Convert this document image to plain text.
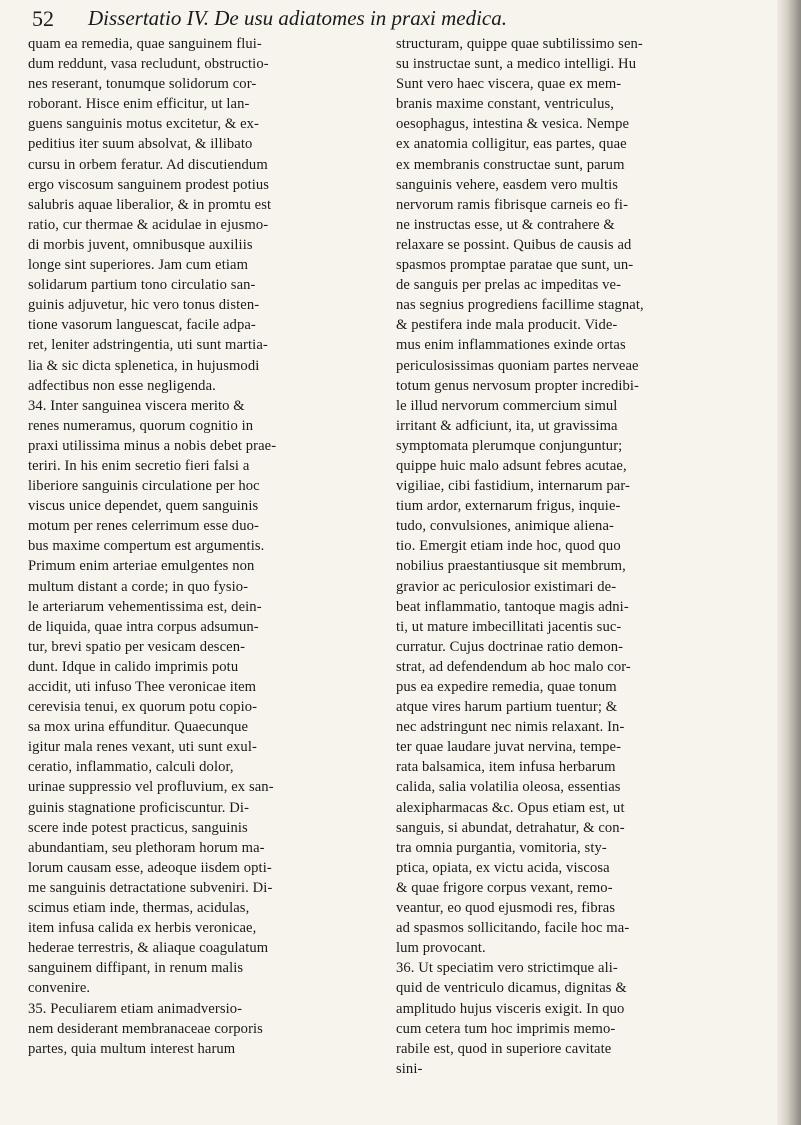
52 Dissertatio IV. De usu adiatomes in praxi medica.
quam ea remedia, quae sanguinem flui-
dum reddunt, vasa recludunt, obstructio-
nes reserant, tonumque solidorum cor-
roborant. Hisce enim efficitur, ut lan-
guens sanguinis motus excitetur, & ex-
peditius iter suum absolvat, & illibato
cursu in orbem feratur. Ad discutiendum
ergo viscosum sanguinem prodest potius
salubris aquae liberalior, & in promtu est
ratio, cur thermae & acidulae in ejusmo-
di morbis juvent, omnibusque auxiliis
longe sint superiores. Jam cum etiam
solidarum partium tono circulatio san-
guinis adjuvetur, hic vero tonus disten-
tione vasorum languescat, facile adpa-
ret, leniter adstringentia, uti sunt martia-
lia & sic dicta splenetica, in hujusmodi
adfectibus non esse negligenda.
34. Inter sanguinea viscera merito &
renes numeramus, quorum cognitio in
praxi utilissima minus a nobis debet prae-
teriri. In his enim secretio fieri falsi a
liberiore sanguinis circulatione per hoc
viscus unice dependet, quem sanguinis
motum per renes celerrimum esse duo-
bus maxime compertum est argumentis.
Primum enim arteriae emulgentes non
multum distant a corde; in quo fysio-
le arteriarum vehementissima est, dein-
de liquida, quae intra corpus adsumun-
tur, brevi spatio per vesicam descen-
dunt. Idque in calido imprimis potu
accidit, uti infuso Thee veronicae item
cerevisia tenui, ex quorum potu copio-
sa mox urina effunditur. Quaecunque
igitur mala renes vexant, uti sunt exul-
ceratio, inflammatio, calculi dolor,
urinae suppressio vel profluvium, ex san-
guinis stagnatione proficiscuntur. Di-
scere inde potest practicus, sanguinis
abundantiam, seu plethoram horum ma-
lorum causam esse, adeoque iisdem opti-
me sanguinis detractatione subveniri. Di-
scimus etiam inde, thermas, acidulas,
item infusa calida ex herbis veronicae,
hederae terrestris, & aliaque coagulatum
sanguinem diffipant, in renum malis
convenire.
35. Peculiarem etiam animadversio-
nem desiderant membranaceae corporis
partes, quia multum interest harum
structuram, quippe quae subtilissimo sen-
su instructae sunt, a medico intelligi. Hu
Sunt vero haec viscera, quae ex mem-
branis maxime constant, ventriculus,
oesophagus, intestina & vesica. Nempe
ex anatomia colligitur, eas partes, quae
ex membranis constructae sunt, parum
sanguinis vehere, easdem vero multis
nervorum ramis fibrisque carneis eo fi-
ne instructas esse, ut & contrahere &
relaxare se possint. Quibus de causis ad
spasmos promptae paratae que sunt, un-
de sanguis per prelas ac impeditas ve-
nas segnius progrediens facillime stagnat,
& pestifera inde mala producit. Vide-
mus enim inflammationes exinde ortas
periculosissimas quoniam partes nerveae
totum genus nervosum propter incredibi-
le illud nervorum commercium simul
irritant & adficiunt, ita, ut gravissima
symptomata plerumque conjunguntur;
quippe huic malo adsunt febres acutae,
vigiliae, cibi fastidium, internarum par-
tium ardor, externarum frigus, inquie-
tudo, convulsiones, animique aliena-
tio. Emergit etiam inde hoc, quod quo
nobilius praestantiusque sit membrum,
gravior ac periculosior existimari de-
beat inflammatio, tantoque magis adni-
ti, ut mature imbecillitati jacentis suc-
curratur. Cujus doctrinae ratio demon-
strat, ad defendendum ab hoc malo cor-
pus ea expedire remedia, quae tonum
atque vires harum partium tuentur; &
nec adstringunt nec nimis relaxant. In-
ter quae laudare juvat nervina, tempe-
rata balsamica, item infusa herbarum
calida, salia volatilia oleosa, essentias
alexipharmacas &c. Opus etiam est, ut
sanguis, si abundat, detrahatur, & con-
tra omnia purgantia, vomitoria, sty-
ptica, opiata, ex victu acida, viscosa
& quae frigore corpus vexant, remo-
veantur, eo quod ejusmodi res, fibras
ad spasmos sollicitando, facile hoc ma-
lum provocant.
36. Ut speciatim vero strictimque ali-
quid de ventriculo dicamus, dignitas &
amplitudo hujus visceris exigit. In quo
cum cetera tum hoc imprimis memo-
rabile est, quod in superiore cavitate
sini-
